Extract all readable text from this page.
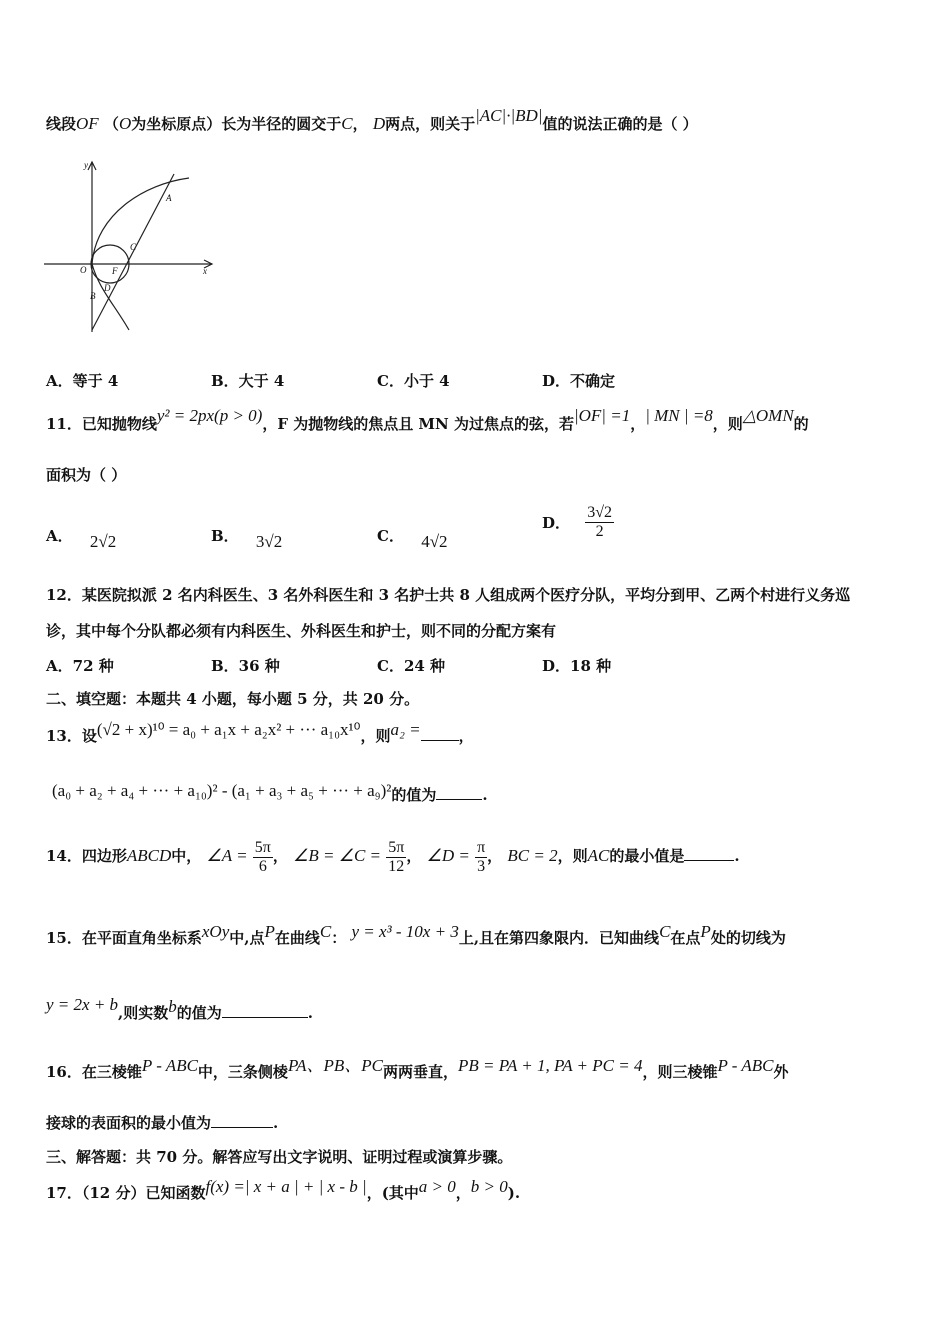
线段OF （O为坐标原点）长为半径的圆交于C， D两点，则关于|AC|·|BD|值的说法正确的是（ ）
y
x
O	F
A
B
C
D
A．等于 4	B．大于 4	C．小于 4	D．不确定
11．已知抛物线y² = 2px(p > 0)，F 为抛物线的焦点且 MN 为过焦点的弦，若|OF| =1，| MN | =8，则△OMN的
面积为（ ）
A． 2√2	B． 3√2	C． 4√2
D． $\frac{3√2}{2}$
12．某医院拟派 2 名内科医生、3 名外科医生和 3 名护士共 8 人组成两个医疗分队，平均分到甲、乙两个村进行义务巡
诊，其中每个分队都必须有内科医生、外科医生和护士，则不同的分配方案有
A．72 种	B．36 种	C．24 种	D．18 种
二、填空题：本题共 4 小题，每小题 5 分，共 20 分。
13．设(√2 + x)¹⁰ = a₀ + a₁x + a₂x² + ··· a₁₀x¹⁰，则a₂ =	，
(a₀ + a₂ + a₄ + ··· + a₁₀)² - (a₁ + a₃ + a₅ + ··· + a₉)²的值为	.
14．四边形ABCD中， ∠A = $\frac{5\pi}{6}$ ， ∠B = ∠C = $\frac{5\pi}{12}$ ， ∠D = $\frac{\pi}{3}$ ， BC = 2，则AC的最小值是	.
15．在平面直角坐标系xOy中,点P在曲线C： y = x³ - 10x + 3上,且在第四象限内．已知曲线C在点P处的切线为
y = 2x + b,则实数b的值为	.
16．在三棱锥P - ABC中，三条侧棱PA、PB、PC两两垂直，PB = PA + 1, PA + PC = 4，则三棱锥P - ABC外
接球的表面积的最小值为	.
三、解答题：共 70 分。解答应写出文字说明、证明过程或演算步骤。
17．（12 分）已知函数f(x) =| x + a | + | x - b |，(其中a > 0，b > 0).
